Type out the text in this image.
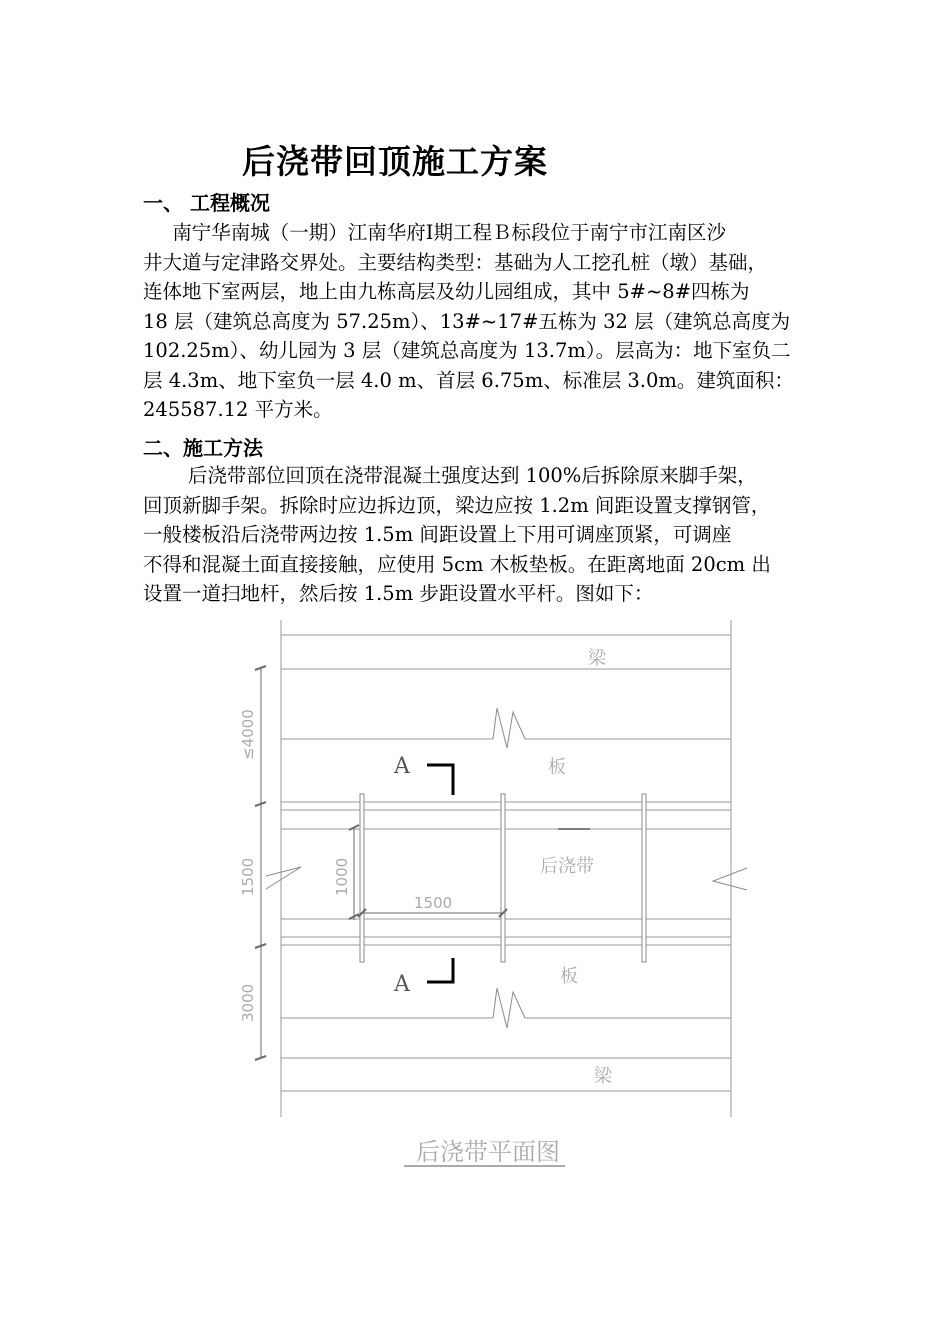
后浇带回顶施工方案
一、 工程概况
南宁华南城（一期）江南华府Ⅰ期工程Ｂ标段位于南宁市江南区沙
井大道与定津路交界处。主要结构类型：基础为人工挖孔桩（墩）基础，
连体地下室两层，地上由九栋高层及幼儿园组成，其中 5#~8#四栋为
18 层（建筑总高度为 57.25m）、13#~17#五栋为 32 层（建筑总高度为
102.25m）、幼儿园为 3 层（建筑总高度为 13.7m）。层高为：地下室负二
层 4.3m、地下室负一层 4.0 m、首层 6.75m、标准层 3.0m。建筑面积：
245587.12 平方米。
二、施工方法
后浇带部位回顶在浇带混凝土强度达到 100%后拆除原来脚手架，
回顶新脚手架。拆除时应边拆边顶，梁边应按 1.2m 间距设置支撑钢管，
一般楼板沿后浇带两边按 1.5m 间距设置上下用可调座顶紧，可调座
不得和混凝土面直接接触，应使用 5cm 木板垫板。在距离地面 20cm 出
设置一道扫地杆，然后按 1.5m 步距设置水平杆。图如下：
A
A
≤4000
1500
3000
1000
1500
梁
板
后浇带
板
梁
后浇带平面图
